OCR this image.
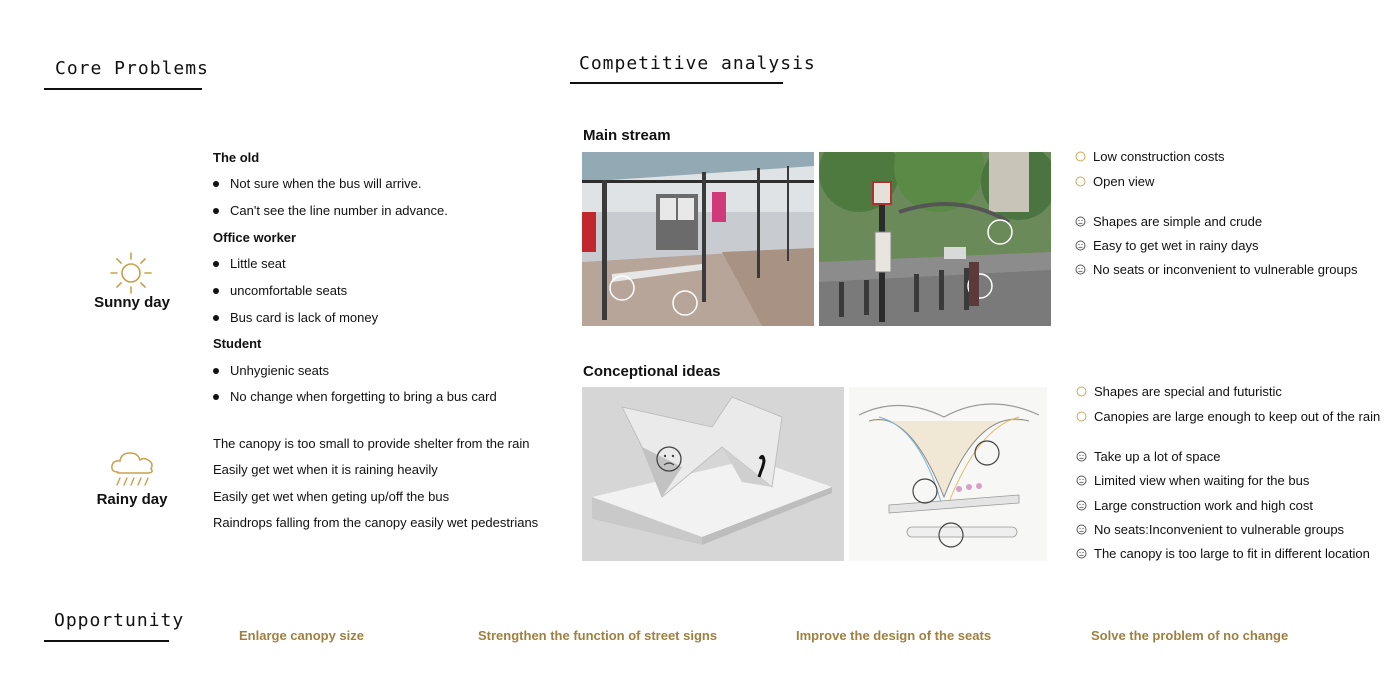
Core Problems
Sunny day
Rainy day
The old
Not sure when the bus will arrive.
Can't see the line number in advance.
Office worker
Little seat
uncomfortable seats
Bus card is lack of money
Student
Unhygienic seats
No change when forgetting to bring a bus card
The canopy is too small to provide shelter from the rain
Easily get wet when it is raining heavily
Easily get wet when geting up/off the bus
Raindrops falling from the canopy easily wet pedestrians
Competitive analysis
Main stream
Low construction costs
Open view
Shapes are simple and crude
Easy to get wet in rainy days
No seats or inconvenient to vulnerable groups
Conceptional ideas
Shapes are special and futuristic
Canopies are large enough to keep out of the rain
Take up a lot of space
Limited view when waiting for the bus
Large construction work and high cost
No seats:Inconvenient to vulnerable groups
The canopy is too large to fit in different location
Opportunity
Enlarge canopy size	Strengthen the function of street signs	Improve the design of the seats	Solve the problem of no change
